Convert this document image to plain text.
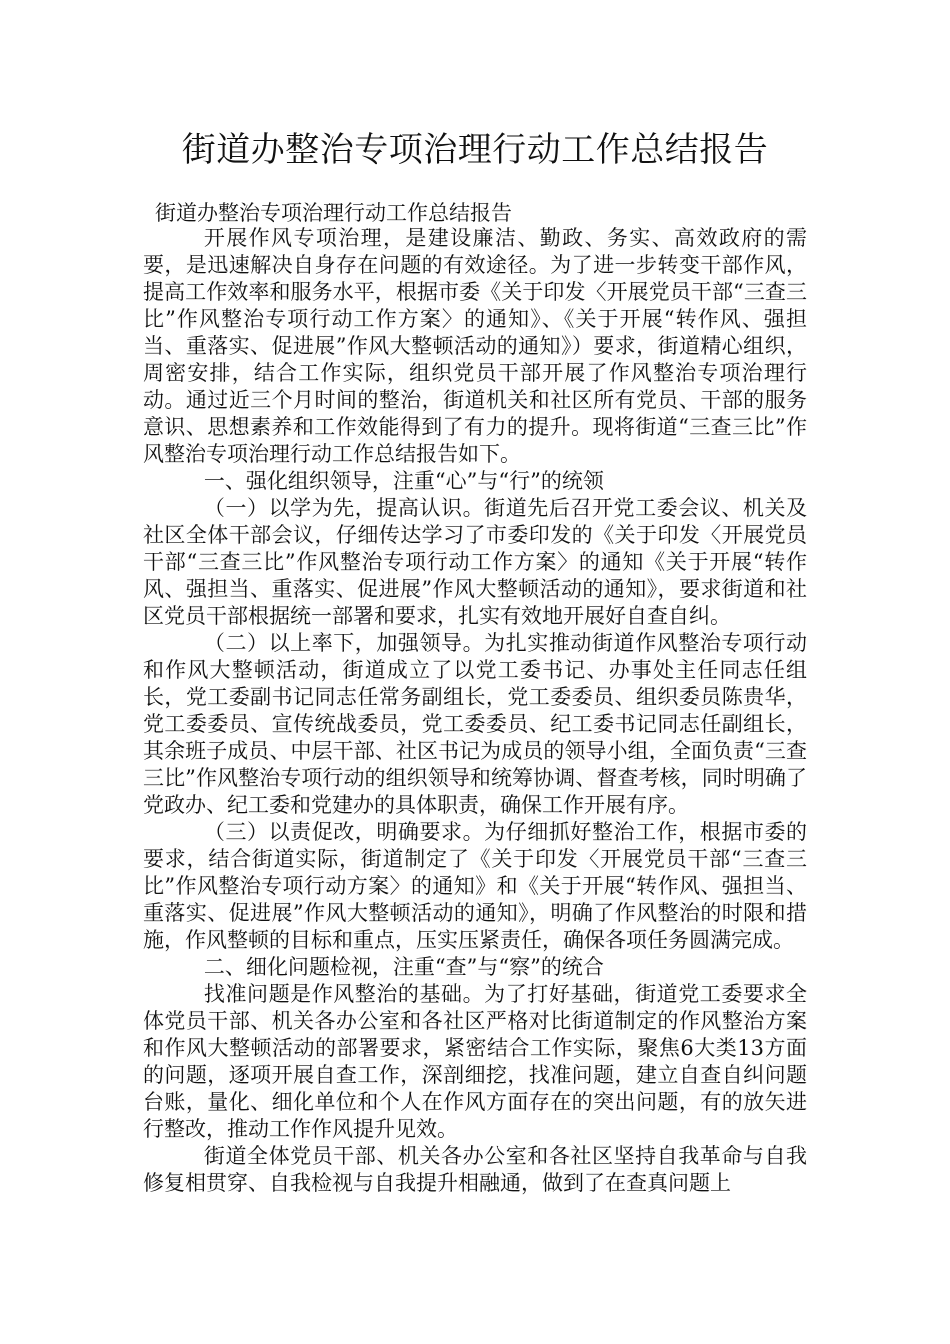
街道办整治专项治理行动工作总结报告

街道办整治专项治理行动工作总结报告

开展作风专项治理，是建设廉洁、勤政、务实、高效政府的需要，是迅速解决自身存在问题的有效途径。为了进一步转变干部作风，提高工作效率和服务水平，根据市委《关于印发〈开展党员干部“三查三比”作风整治专项行动工作方案〉的通知》、《关于开展“转作风、强担当、重落实、促进展”作风大整顿活动的通知》）要求，街道精心组织，周密安排，结合工作实际，组织党员干部开展了作风整治专项治理行动。通过近三个月时间的整治，街道机关和社区所有党员、干部的服务意识、思想素养和工作效能得到了有力的提升。现将街道“三查三比”作风整治专项治理行动工作总结报告如下。

一、强化组织领导，注重“心”与“行”的统领

（一）以学为先，提高认识。街道先后召开党工委会议、机关及社区全体干部会议，仔细传达学习了市委印发的《关于印发〈开展党员干部“三查三比”作风整治专项行动工作方案〉的通知《关于开展“转作风、强担当、重落实、促进展”作风大整顿活动的通知》，要求街道和社区党员干部根据统一部署和要求，扎实有效地开展好自查自纠。

（二）以上率下，加强领导。为扎实推动街道作风整治专项行动和作风大整顿活动，街道成立了以党工委书记、办事处主任同志任组长，党工委副书记同志任常务副组长，党工委委员、组织委员陈贵华，党工委委员、宣传统战委员，党工委委员、纪工委书记同志任副组长，其余班子成员、中层干部、社区书记为成员的领导小组，全面负责“三查三比”作风整治专项行动的组织领导和统筹协调、督查考核，同时明确了党政办、纪工委和党建办的具体职责，确保工作开展有序。

（三）以责促改，明确要求。为仔细抓好整治工作，根据市委的要求，结合街道实际，街道制定了《关于印发〈开展党员干部“三查三比”作风整治专项行动方案〉的通知》和《关于开展“转作风、强担当、重落实、促进展”作风大整顿活动的通知》，明确了作风整治的时限和措施，作风整顿的目标和重点，压实压紧责任，确保各项任务圆满完成。

二、细化问题检视，注重“查”与“察”的统合

找准问题是作风整治的基础。为了打好基础，街道党工委要求全体党员干部、机关各办公室和各社区严格对比街道制定的作风整治方案和作风大整顿活动的部署要求，紧密结合工作实际，聚焦6大类13方面的问题，逐项开展自查工作，深剖细挖，找准问题，建立自查自纠问题台账，量化、细化单位和个人在作风方面存在的突出问题，有的放矢进行整改，推动工作作风提升见效。

街道全体党员干部、机关各办公室和各社区坚持自我革命与自我修复相贯穿、自我检视与自我提升相融通，做到了在查真问题上
